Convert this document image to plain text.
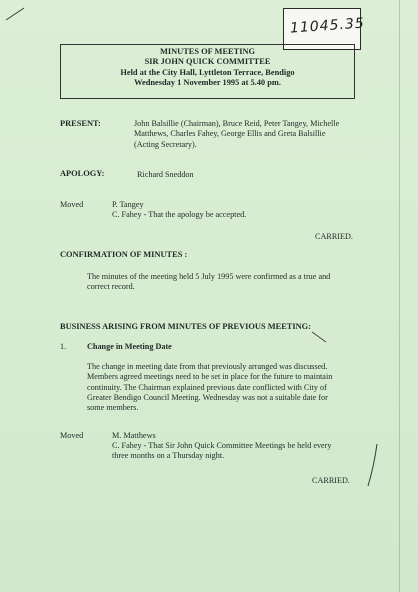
11045.35
MINUTES OF MEETING
SIR JOHN QUICK COMMITTEE
Held at the City Hall, Lyttleton Terrace, Bendigo
Wednesday 1 November 1995 at 5.40 pm.
PRESENT:	John Balsillie (Chairman), Bruce Reid, Peter Tangey, Michelle
Matthews, Charles Fahey, George Ellis and Greta Balsillie
(Acting Secretary).
APOLOGY:	Richard Sneddon
Moved	P. Tangey
C. Fahey - That the apology be accepted.
CARRIED.
CONFIRMATION OF MINUTES :
The minutes of the meeting held 5 July 1995 were confirmed as a true and
correct record.
BUSINESS ARISING FROM MINUTES OF PREVIOUS MEETING:
1.	Change in Meeting Date
The change in meeting date from that previously arranged was discussed.
Members agreed meetings need to be set in place for the future to maintain
continuity. The Chairman explained previous date conflicted with City of
Greater Bendigo Council Meeting. Wednesday was not a suitable date for
some members.
Moved	M. Matthews
C. Fahey - That Sir John Quick Committee Meetings be held every
three months on a Thursday night.
CARRIED.
